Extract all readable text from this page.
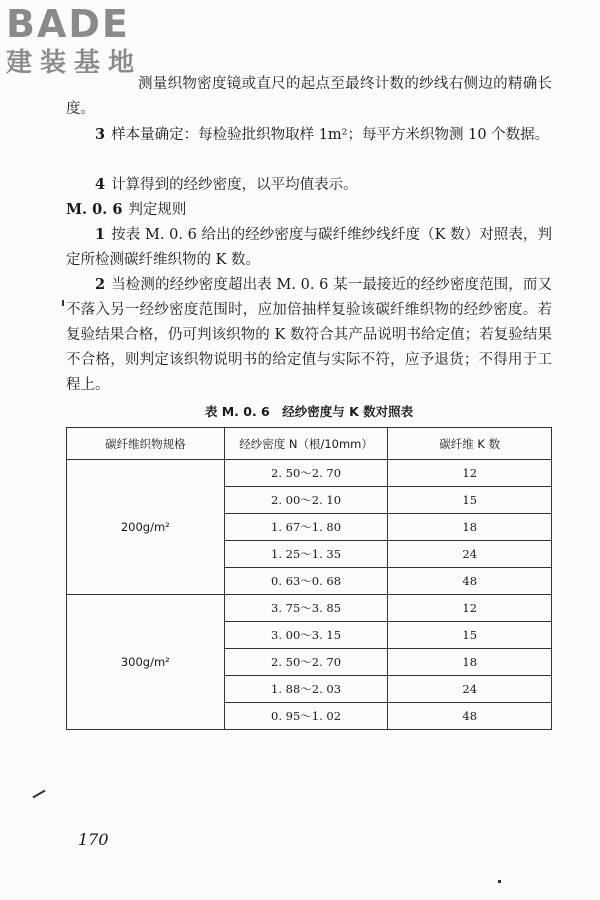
BADE
建装基地

测量织物密度镜或直尺的起点至最终计数的纱线右侧边的精确长度。

3 样本量确定：每检验批织物取样 1m²；每平方米织物测 10 个数据。

4 计算得到的经纱密度，以平均值表示。

M. 0. 6 判定规则

1 按表 M. 0. 6 给出的经纱密度与碳纤维纱线纤度（K 数）对照表，判定所检测碳纤维织物的 K 数。

2 当检测的经纱密度超出表 M. 0. 6 某一最接近的经纱密度范围，而又不落入另一经纱密度范围时，应加倍抽样复验该碳纤维织物的经纱密度。若复验结果合格，仍可判该织物的 K 数符合其产品说明书给定值；若复验结果不合格，则判定该织物说明书的给定值与实际不符，应予退货；不得用于工程上。

表 M. 0. 6　经纱密度与 K 数对照表
碳纤维织物规格	经纱密度 N（根/10mm）	碳纤维 K 数
200g/m²	2. 50～2. 70	12
	2. 00～2. 10	15
	1. 67～1. 80	18
	1. 25～1. 35	24
	0. 63～0. 68	48
300g/m²	3. 75～3. 85	12
	3. 00～3. 15	15
	2. 50～2. 70	18
	1. 88～2. 03	24
	0. 95～1. 02	48
170
